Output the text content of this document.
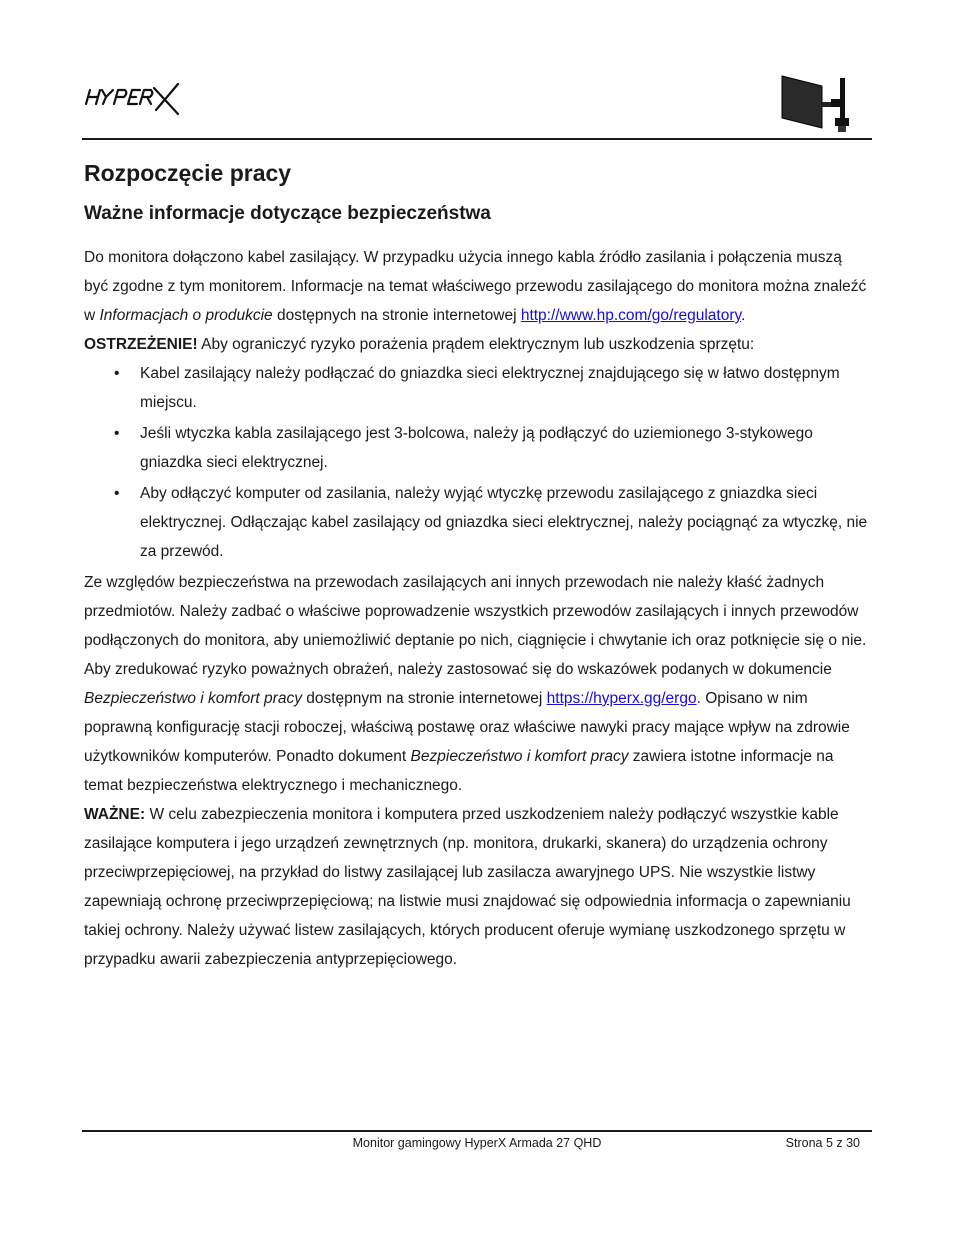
Rozpoczęcie pracy
Ważne informacje dotyczące bezpieczeństwa

Do monitora dołączono kabel zasilający. W przypadku użycia innego kabla źródło zasilania i połączenia muszą być zgodne z tym monitorem. Informacje na temat właściwego przewodu zasilającego do monitora można znaleźć w Informacjach o produkcie dostępnych na stronie internetowej http://www.hp.com/go/regulatory.

OSTRZEŻENIE! Aby ograniczyć ryzyko porażenia prądem elektrycznym lub uszkodzenia sprzętu:

• Kabel zasilający należy podłączać do gniazdka sieci elektrycznej znajdującego się w łatwo dostępnym miejscu.
• Jeśli wtyczka kabla zasilającego jest 3-bolcowa, należy ją podłączyć do uziemionego 3-stykowego gniazdka sieci elektrycznej.
• Aby odłączyć komputer od zasilania, należy wyjąć wtyczkę przewodu zasilającego z gniazdka sieci elektrycznej. Odłączając kabel zasilający od gniazdka sieci elektrycznej, należy pociągnąć za wtyczkę, nie za przewód.

Ze względów bezpieczeństwa na przewodach zasilających ani innych przewodach nie należy kłaść żadnych przedmiotów. Należy zadbać o właściwe poprowadzenie wszystkich przewodów zasilających i innych przewodów podłączonych do monitora, aby uniemożliwić deptanie po nich, ciągnięcie i chwytanie ich oraz potknięcie się o nie.

Aby zredukować ryzyko poważnych obrażeń, należy zastosować się do wskazówek podanych w dokumencie Bezpieczeństwo i komfort pracy dostępnym na stronie internetowej https://hyperx.gg/ergo. Opisano w nim poprawną konfigurację stacji roboczej, właściwą postawę oraz właściwe nawyki pracy mające wpływ na zdrowie użytkowników komputerów. Ponadto dokument Bezpieczeństwo i komfort pracy zawiera istotne informacje na temat bezpieczeństwa elektrycznego i mechanicznego.

WAŻNE: W celu zabezpieczenia monitora i komputera przed uszkodzeniem należy podłączyć wszystkie kable zasilające komputera i jego urządzeń zewnętrznych (np. monitora, drukarki, skanera) do urządzenia ochrony przeciwprzepięciowej, na przykład do listwy zasilającej lub zasilacza awaryjnego UPS. Nie wszystkie listwy zapewniają ochronę przeciwprzepięciową; na listwie musi znajdować się odpowiednia informacja o zapewnianiu takiej ochrony. Należy używać listew zasilających, których producent oferuje wymianę uszkodzonego sprzętu w przypadku awarii zabezpieczenia antyprzepięciowego.

Monitor gamingowy HyperX Armada 27 QHD	Strona 5 z 30
